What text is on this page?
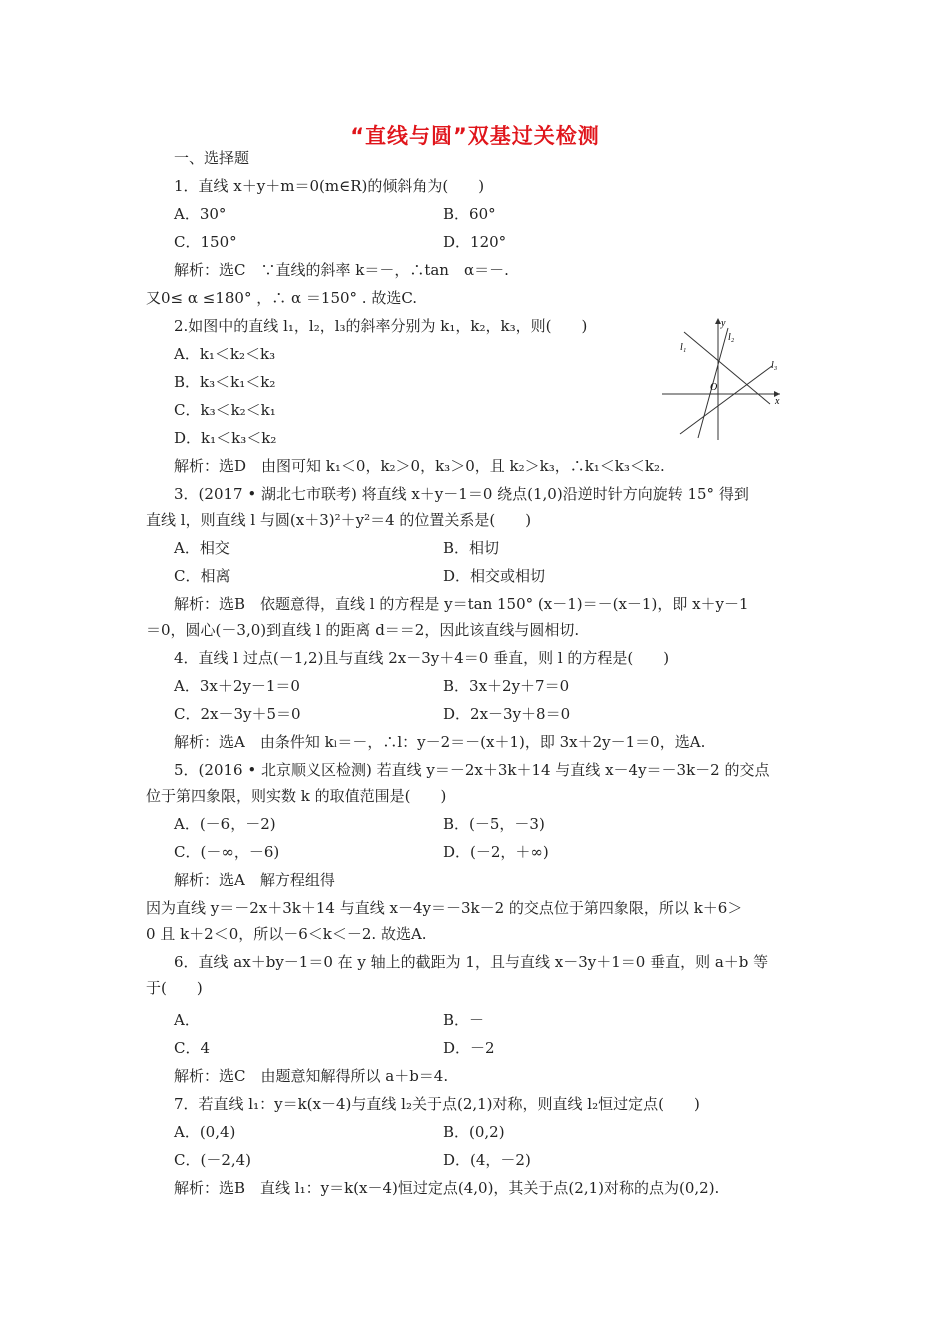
“直线与圆”双基过关检测
一、选择题
1．直线 x＋y＋m＝0(m∈R)的倾斜角为(　　)
A．30°	B．60°
C．150°	D．120°
解析：选C　∵直线的斜率 k＝－，∴tan　α＝－.
又0≤ α ≤180° ，∴ α ＝150° . 故选C.
2.如图中的直线 l₁，l₂，l₃的斜率分别为 k₁，k₂，k₃，则(　　)
A．k₁＜k₂＜k₃
B．k₃＜k₁＜k₂
C．k₃＜k₂＜k₁
D．k₁＜k₃＜k₂
解析：选D　由图可知 k₁＜0，k₂＞0，k₃＞0，且 k₂＞k₃，∴k₁＜k₃＜k₂.
y
x
O
l₁
l₂
l₃
3．(2017 • 湖北七市联考) 将直线 x＋y－1＝0 绕点(1,0)沿逆时针方向旋转 15° 得到
直线 l，则直线 l 与圆(x＋3)²＋y²＝4 的位置关系是(　　)
A．相交	B．相切
C．相离	D．相交或相切
解析：选B　依题意得，直线 l 的方程是 y＝tan 150° (x－1)＝－(x－1)，即 x＋y－1
＝0，圆心(－3,0)到直线 l 的距离 d＝＝2，因此该直线与圆相切.
4．直线 l 过点(－1,2)且与直线 2x－3y＋4＝0 垂直，则 l 的方程是(　　)
A．3x＋2y－1＝0	B．3x＋2y＋7＝0
C．2x－3y＋5＝0	D．2x－3y＋8＝0
解析：选A　由条件知 kₗ＝－，∴l：y－2＝－(x＋1)，即 3x＋2y－1＝0，选A.
5．(2016 • 北京顺义区检测) 若直线 y＝－2x＋3k＋14 与直线 x－4y＝－3k－2 的交点
位于第四象限，则实数 k 的取值范围是(　　)
A．(－6，－2)	B．(－5，－3)
C．(－∞，－6)	D．(－2，＋∞)
解析：选A　解方程组得
因为直线 y＝－2x＋3k＋14 与直线 x－4y＝－3k－2 的交点位于第四象限，所以 k＋6＞
0 且 k＋2＜0，所以－6＜k＜－2. 故选A.
6．直线 ax＋by－1＝0 在 y 轴上的截距为 1，且与直线 x－3y＋1＝0 垂直，则 a＋b 等
于(　　)
A．	B．－
C．4	D．－2
解析：选C　由题意知解得所以 a＋b＝4.
7．若直线 l₁：y＝k(x－4)与直线 l₂关于点(2,1)对称，则直线 l₂恒过定点(　　)
A．(0,4)	B．(0,2)
C．(－2,4)	D．(4，－2)
解析：选B　直线 l₁：y＝k(x－4)恒过定点(4,0)，其关于点(2,1)对称的点为(0,2).
